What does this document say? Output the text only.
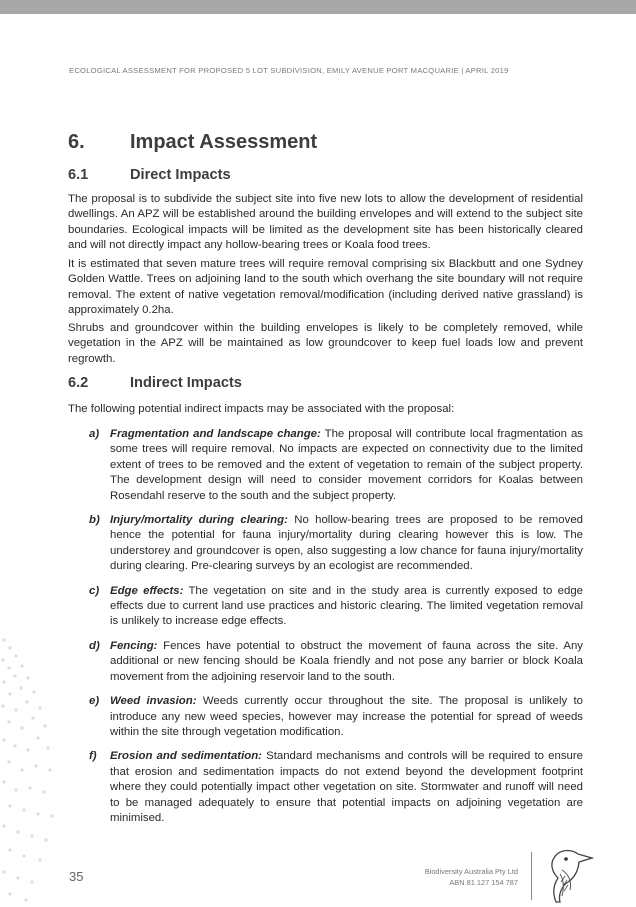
ECOLOGICAL ASSESSMENT FOR PROPOSED 5 LOT SUBDIVISION, EMILY AVENUE PORT MACQUARIE | APRIL 2019
6. Impact Assessment
6.1	Direct Impacts
The proposal is to subdivide the subject site into five new lots to allow the development of residential dwellings. An APZ will be established around the building envelopes and will extend to the subject site boundaries. Ecological impacts will be limited as the development site has been historically cleared and will not directly impact any hollow-bearing trees or Koala food trees.
It is estimated that seven mature trees will require removal comprising six Blackbutt and one Sydney Golden Wattle. Trees on adjoining land to the south which overhang the site boundary will not require removal. The extent of native vegetation removal/modification (including derived native grassland) is approximately 0.2ha.
Shrubs and groundcover within the building envelopes is likely to be completely removed, while vegetation in the APZ will be maintained as low groundcover to keep fuel loads low and prevent regrowth.
6.2	Indirect Impacts
The following potential indirect impacts may be associated with the proposal:
a) Fragmentation and landscape change: The proposal will contribute local fragmentation as some trees will require removal. No impacts are expected on connectivity due to the limited extent of trees to be removed and the extent of vegetation to remain of the subject property. The development design will need to consider movement corridors for Koalas between Rosendahl reserve to the south and the subject property.
b) Injury/mortality during clearing: No hollow-bearing trees are proposed to be removed hence the potential for fauna injury/mortality during clearing however this is low. The understorey and groundcover is open, also suggesting a low chance for fauna injury/mortality during clearing. Pre-clearing surveys by an ecologist are recommended.
c) Edge effects: The vegetation on site and in the study area is currently exposed to edge effects due to current land use practices and historic clearing. The limited vegetation removal is unlikely to increase edge effects.
d) Fencing: Fences have potential to obstruct the movement of fauna across the site. Any additional or new fencing should be Koala friendly and not pose any barrier or block Koala movement from the adjoining reservoir land to the south.
e) Weed invasion: Weeds currently occur throughout the site. The proposal is unlikely to introduce any new weed species, however may increase the potential for spread of weeds within the site through vegetation modification.
f) Erosion and sedimentation: Standard mechanisms and controls will be required to ensure that erosion and sedimentation impacts do not extend beyond the development footprint where they could potentially impact other vegetation on site. Stormwater and runoff will need to be managed adequately to ensure that potential impacts on adjoining vegetation are minimised.
35	Biodiversity Australia Pty Ltd
ABN 81 127 154 787
